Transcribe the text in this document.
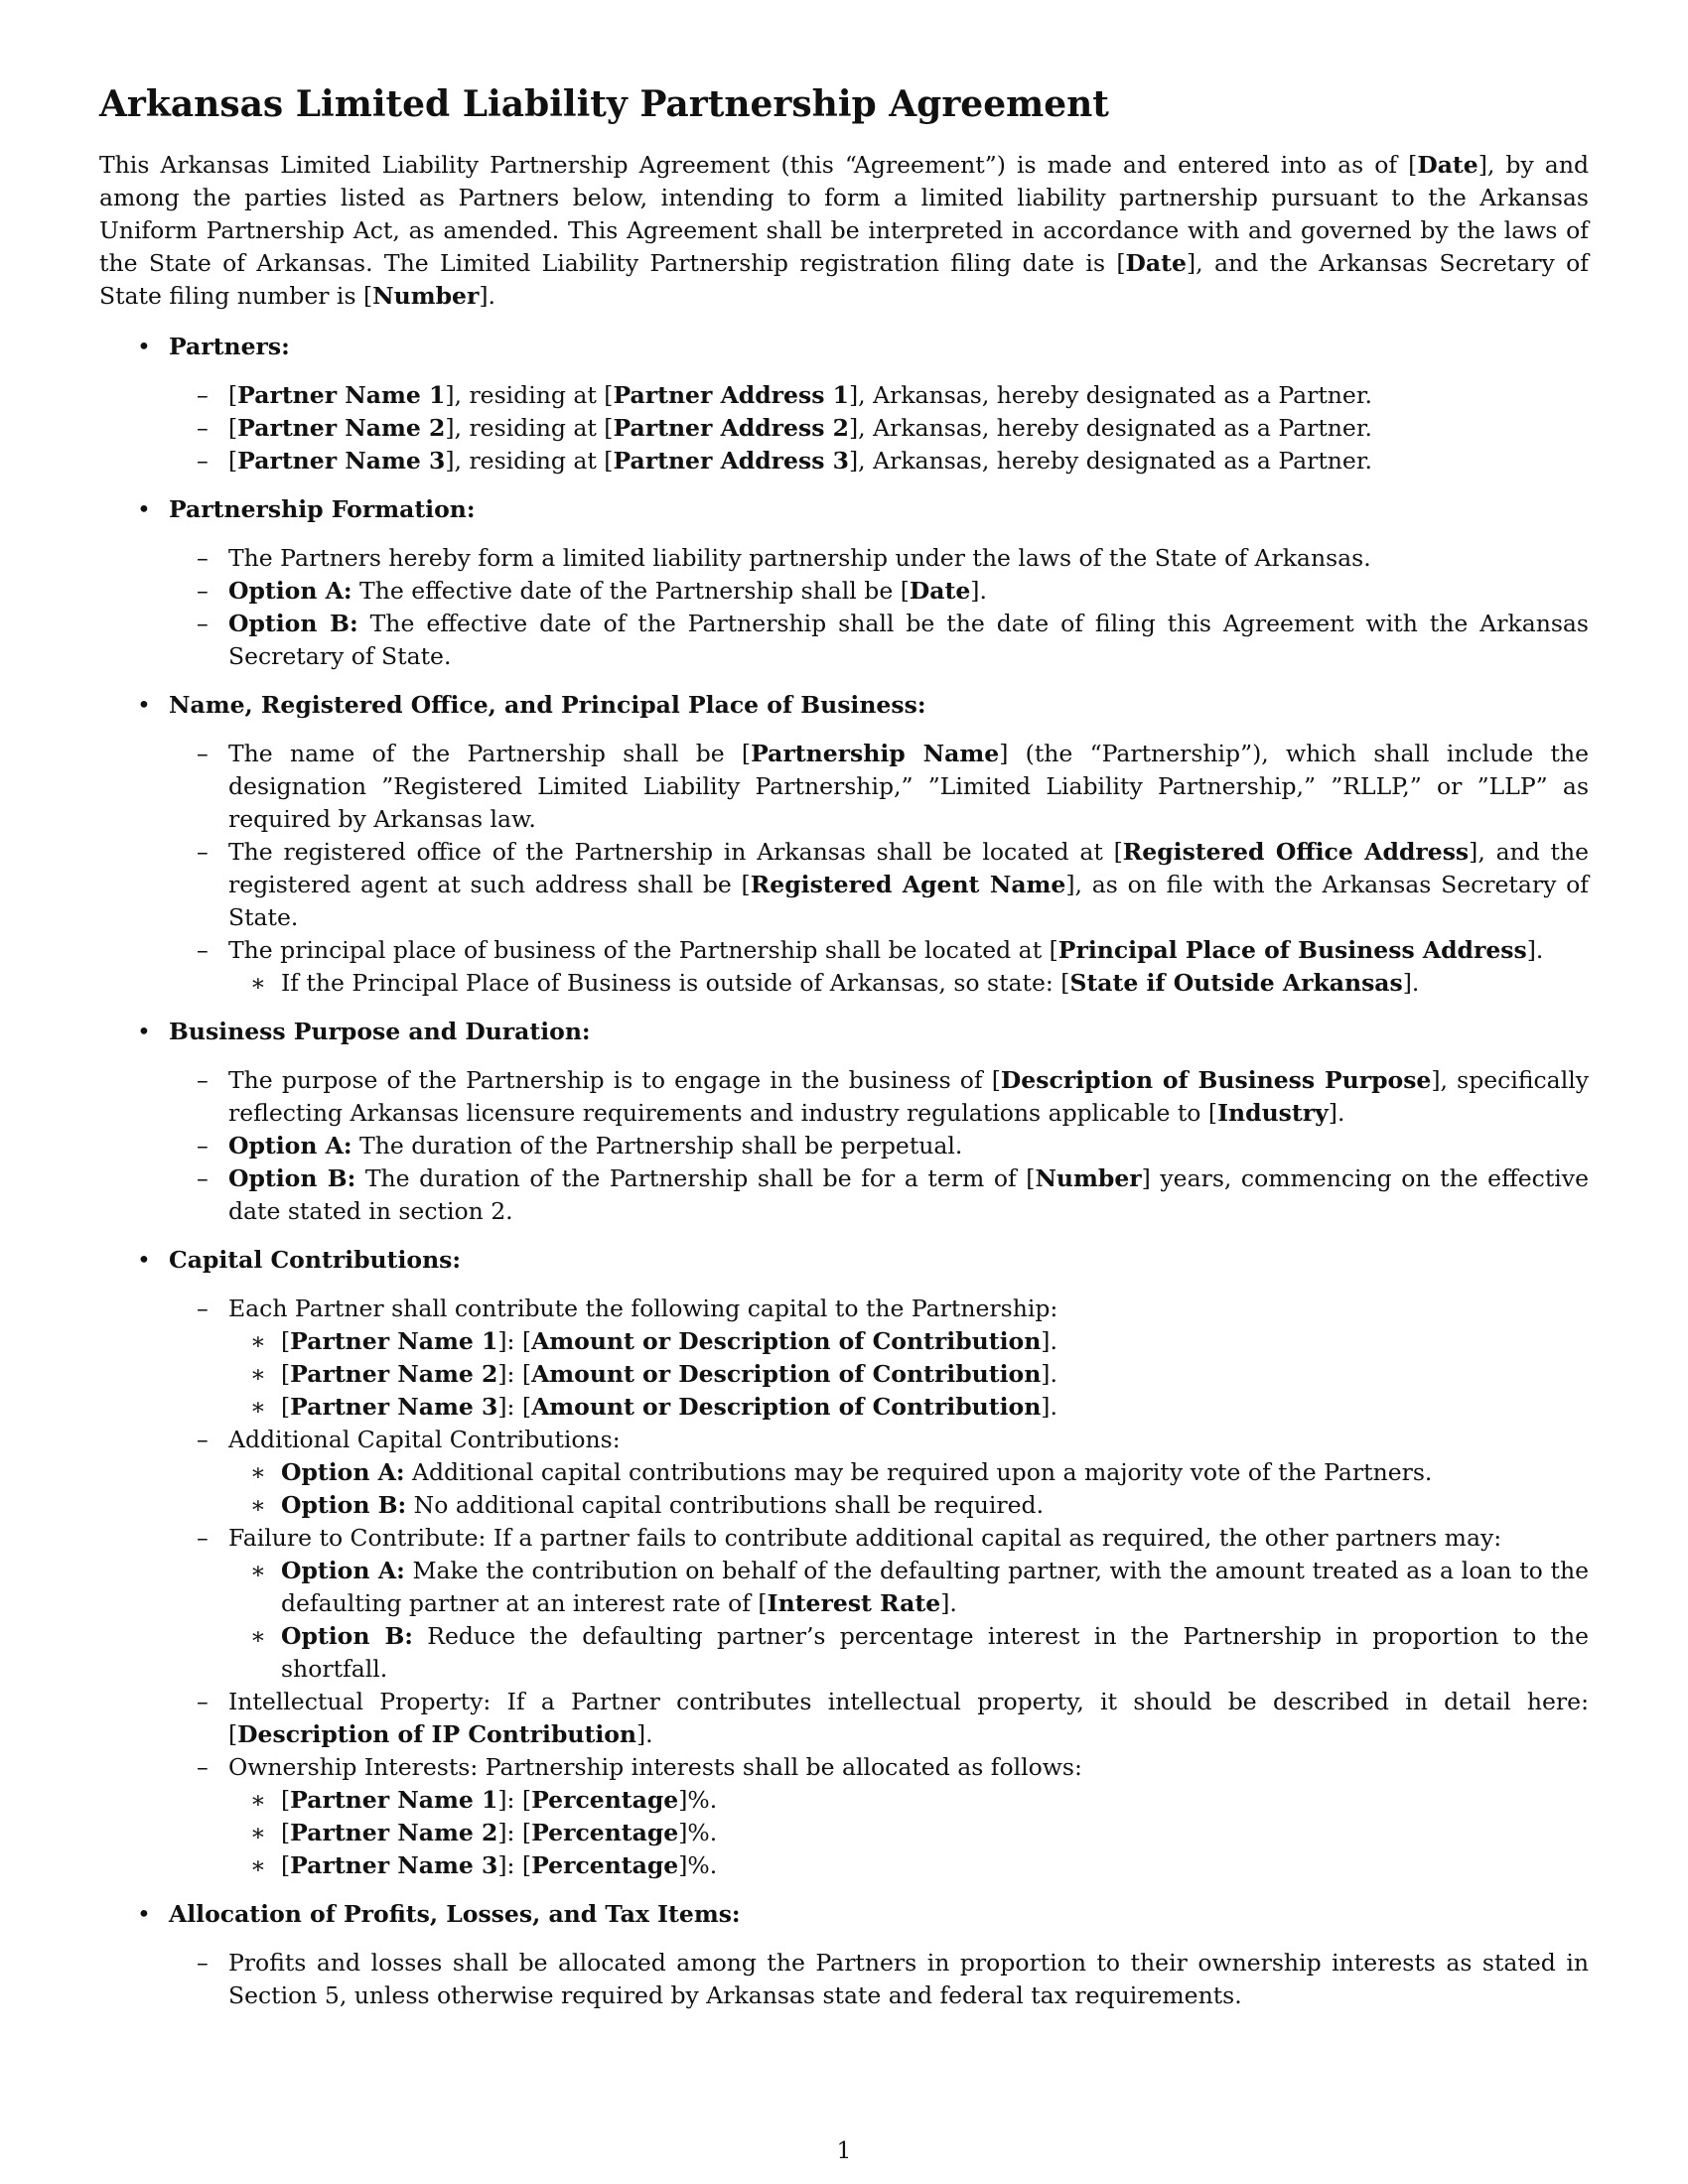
Arkansas Limited Liability Partnership Agreement

This Arkansas Limited Liability Partnership Agreement (this “Agreement”) is made and entered into as of [Date], by and among the parties listed as Partners below, intending to form a limited liability partnership pursuant to the Arkansas Uniform Partnership Act, as amended. This Agreement shall be interpreted in accordance with and governed by the laws of the State of Arkansas. The Limited Liability Partnership registration filing date is [Date], and the Arkansas Secretary of State filing number is [Number].

• Partners:
– [Partner Name 1], residing at [Partner Address 1], Arkansas, hereby designated as a Partner.
– [Partner Name 2], residing at [Partner Address 2], Arkansas, hereby designated as a Partner.
– [Partner Name 3], residing at [Partner Address 3], Arkansas, hereby designated as a Partner.
• Partnership Formation:
– The Partners hereby form a limited liability partnership under the laws of the State of Arkansas.
– Option A: The effective date of the Partnership shall be [Date].
– Option B: The effective date of the Partnership shall be the date of filing this Agreement with the Arkansas Secretary of State.
• Name, Registered Office, and Principal Place of Business:
– The name of the Partnership shall be [Partnership Name] (the “Partnership”), which shall include the designation ”Registered Limited Liability Partnership,” ”Limited Liability Partnership,” ”RLLP,” or ”LLP” as required by Arkansas law.
– The registered office of the Partnership in Arkansas shall be located at [Registered Office Address], and the registered agent at such address shall be [Registered Agent Name], as on file with the Arkansas Secretary of State.
– The principal place of business of the Partnership shall be located at [Principal Place of Business Address].
∗ If the Principal Place of Business is outside of Arkansas, so state: [State if Outside Arkansas].
• Business Purpose and Duration:
– The purpose of the Partnership is to engage in the business of [Description of Business Purpose], specifically reflecting Arkansas licensure requirements and industry regulations applicable to [Industry].
– Option A: The duration of the Partnership shall be perpetual.
– Option B: The duration of the Partnership shall be for a term of [Number] years, commencing on the effective date stated in section 2.
• Capital Contributions:
– Each Partner shall contribute the following capital to the Partnership:
∗ [Partner Name 1]: [Amount or Description of Contribution].
∗ [Partner Name 2]: [Amount or Description of Contribution].
∗ [Partner Name 3]: [Amount or Description of Contribution].
– Additional Capital Contributions:
∗ Option A: Additional capital contributions may be required upon a majority vote of the Partners.
∗ Option B: No additional capital contributions shall be required.
– Failure to Contribute: If a partner fails to contribute additional capital as required, the other partners may:
∗ Option A: Make the contribution on behalf of the defaulting partner, with the amount treated as a loan to the defaulting partner at an interest rate of [Interest Rate].
∗ Option B: Reduce the defaulting partner’s percentage interest in the Partnership in proportion to the shortfall.
– Intellectual Property: If a Partner contributes intellectual property, it should be described in detail here: [Description of IP Contribution].
– Ownership Interests: Partnership interests shall be allocated as follows:
∗ [Partner Name 1]: [Percentage]%.
∗ [Partner Name 2]: [Percentage]%.
∗ [Partner Name 3]: [Percentage]%.
• Allocation of Profits, Losses, and Tax Items:
– Profits and losses shall be allocated among the Partners in proportion to their ownership interests as stated in Section 5, unless otherwise required by Arkansas state and federal tax requirements.
1
